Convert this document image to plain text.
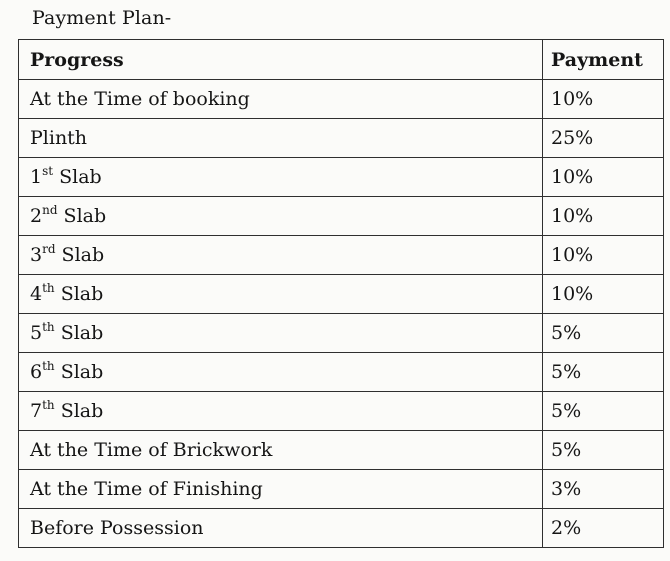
Payment Plan-
Progress	Payment
At the Time of booking	10%
Plinth	25%
1st Slab	10%
2nd Slab	10%
3rd Slab	10%
4th Slab	10%
5th Slab	5%
6th Slab	5%
7th Slab	5%
At the Time of Brickwork	5%
At the Time of Finishing	3%
Before Possession	2%
